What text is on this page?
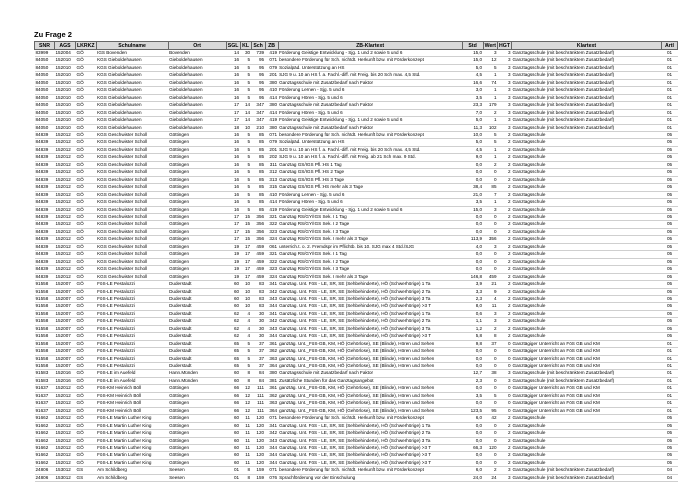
Zu Frage 2
SNR	AGS	LKRKZ	Schulname	Ort	SGL	KL	Sch	ZB	ZB-Klartext	Std	Wert	HGT	Klartext	Artl
83999	152004	GÖ	IGS Bovenden	Bovenden	14	30	739	419	Förderung Geistige Entwicklung - Sjg. 1 und 2 sowie 5 und 6	15,0	3	3	Ganztagsschule (mit beschränktem Zusatzbedarf)	01
84050	152010	GÖ	KGS Gieboldehausen	Gieboldehausen	16	5	95	071	besondere Förderung für Sch. nichtdt. Herkunft bzw. mit Förderkonzept	15,0	12	3	Ganztagsschule (mit beschränktem Zusatzbedarf)	01
84050	152010	GÖ	KGS Gieboldehausen	Gieboldehausen	16	5	95	079	Sozialpäd. Unterstützung an HS	5,0	5	3	Ganztagsschule (mit beschränktem Zusatzbedarf)	01
84050	152010	GÖ	KGS Gieboldehausen	Gieboldehausen	16	5	95	201	SJG 9 u. 10 an HS f. a. Fachl.-diff. mit Freig. bis 20 Sch max. 4,5 Std.	4,5	1	3	Ganztagsschule (mit beschränktem Zusatzbedarf)	01
84050	152010	GÖ	KGS Gieboldehausen	Gieboldehausen	16	5	95	380	Ganztagsschule mit Zusatzbedarf nach Faktor	16,6	74	3	Ganztagsschule (mit beschränktem Zusatzbedarf)	01
84050	152010	GÖ	KGS Gieboldehausen	Gieboldehausen	16	5	95	410	Förderung Lernen - Sjg. 5 und 6	3,0	1	3	Ganztagsschule (mit beschränktem Zusatzbedarf)	01
84050	152010	GÖ	KGS Gieboldehausen	Gieboldehausen	16	5	95	414	Förderung Hören - Sjg. 5 und 6	3,5	1	3	Ganztagsschule (mit beschränktem Zusatzbedarf)	01
84050	152010	GÖ	KGS Gieboldehausen	Gieboldehausen	17	14	347	380	Ganztagsschule mit Zusatzbedarf nach Faktor	23,3	179	3	Ganztagsschule (mit beschränktem Zusatzbedarf)	01
84050	152010	GÖ	KGS Gieboldehausen	Gieboldehausen	17	14	347	414	Förderung Hören - Sjg. 5 und 6	7,0	2	3	Ganztagsschule (mit beschränktem Zusatzbedarf)	01
84050	152010	GÖ	KGS Gieboldehausen	Gieboldehausen	17	14	347	419	Förderung Geistige Entwicklung - Sjg. 1 und 2 sowie 5 und 6	5,0	1	3	Ganztagsschule (mit beschränktem Zusatzbedarf)	01
84050	152010	GÖ	KGS Gieboldehausen	Gieboldehausen	18	10	210	380	Ganztagsschule mit Zusatzbedarf nach Faktor	11,3	102	3	Ganztagsschule (mit beschränktem Zusatzbedarf)	01
84839	152012	GÖ	KGS Geschwister Scholl	Göttingen	16	5	85	071	besondere Förderung für Sch. nichtdt. Herkunft bzw. mit Förderkonzept	10,0	5	2	Ganztagsschule	05
84839	152012	GÖ	KGS Geschwister Scholl	Göttingen	16	5	85	079	Sozialpäd. Unterstützung an HS	5,0	5	2	Ganztagsschule	05
84839	152012	GÖ	KGS Geschwister Scholl	Göttingen	16	5	85	201	SJG 9 u. 10 an HS f. a. Fachl.-diff. mit Freig. bis 20 Sch max. 4,5 Std.	4,5	1	2	Ganztagsschule	05
84839	152012	GÖ	KGS Geschwister Scholl	Göttingen	16	5	85	202	SJG 9 u. 10 an HS f. a. Fachl.-diff. mit Freig. ab 21 Sch max. 9 Std.	9,0	1	2	Ganztagsschule	05
84839	152012	GÖ	KGS Geschwister Scholl	Göttingen	16	5	85	311	Ganztag GS/IGS Pfl.:HS 1 Tag	0,0	2	2	Ganztagsschule	05
84839	152012	GÖ	KGS Geschwister Scholl	Göttingen	16	5	85	312	Ganztag GS/IGS Pfl.:HS 2 Tage	0,0	0	2	Ganztagsschule	05
84839	152012	GÖ	KGS Geschwister Scholl	Göttingen	16	5	85	313	Ganztag GS/IGS Pfl.:HS 3 Tage	0,0	0	2	Ganztagsschule	05
84839	152012	GÖ	KGS Geschwister Scholl	Göttingen	16	5	85	315	Ganztag GS/IGS Pfl.:HS mehr als 3 Tage	38,4	85	2	Ganztagsschule	05
84839	152012	GÖ	KGS Geschwister Scholl	Göttingen	16	5	85	410	Förderung Lernen - Sjg. 5 und 6	21,0	7	2	Ganztagsschule	05
84839	152012	GÖ	KGS Geschwister Scholl	Göttingen	16	5	85	414	Förderung Hören - Sjg. 5 und 6	3,5	1	2	Ganztagsschule	05
84839	152012	GÖ	KGS Geschwister Scholl	Göttingen	16	5	85	419	Förderung Geistige Entwicklung - Sjg. 1 und 2 sowie 5 und 6	15,0	3	2	Ganztagsschule	05
84839	152012	GÖ	KGS Geschwister Scholl	Göttingen	17	15	356	321	Ganztag RS/GY/IGS Sek. I 1 Tag	0,0	0	2	Ganztagsschule	05
84839	152012	GÖ	KGS Geschwister Scholl	Göttingen	17	15	356	322	Ganztag RS/GY/IGS Sek. I 2 Tage	0,0	0	2	Ganztagsschule	05
84839	152012	GÖ	KGS Geschwister Scholl	Göttingen	17	15	356	323	Ganztag RS/GY/IGS Sek. I 3 Tage	0,0	0	2	Ganztagsschule	05
84839	152012	GÖ	KGS Geschwister Scholl	Göttingen	17	15	356	324	Ganztag RS/GY/IGS Sek. I mehr als 3 Tage	113,9	356	2	Ganztagsschule	05
84839	152012	GÖ	KGS Geschwister Scholl	Göttingen	19	17	459	061	unterrich.t. o. 2. Fremdspr im Pflichtb. bis 10. SJG max 4 Std./SJG	4,0	3	2	Ganztagsschule	05
84839	152012	GÖ	KGS Geschwister Scholl	Göttingen	19	17	459	321	Ganztag RS/GY/IGS Sek. I 1 Tag	0,0	0	2	Ganztagsschule	05
84839	152012	GÖ	KGS Geschwister Scholl	Göttingen	19	17	459	322	Ganztag RS/GY/IGS Sek. I 2 Tage	0,0	0	2	Ganztagsschule	05
84839	152012	GÖ	KGS Geschwister Scholl	Göttingen	19	17	459	323	Ganztag RS/GY/IGS Sek. I 3 Tage	0,0	0	2	Ganztagsschule	05
84839	152012	GÖ	KGS Geschwister Scholl	Göttingen	19	17	459	324	Ganztag RS/GY/IGS Sek. I mehr als 3 Tage	146,8	459	2	Ganztagsschule	05
91558	152007	GÖ	FöS-LE Pestalozzi	Duderstadt	60	10	83	341	Ganztag. Unt. FöS - LE, SR, SE (Sehbehinderte), HÖ (Schwerhörige) 1 Ta	3,9	21	2	Ganztagsschule	05
91558	152007	GÖ	FöS-LE Pestalozzi	Duderstadt	60	10	83	342	Ganztag. Unt. FöS - LE, SR, SE (Sehbehinderte), HÖ (Schwerhörige) 2 Ta	3,3	9	2	Ganztagsschule	05
91558	152007	GÖ	FöS-LE Pestalozzi	Duderstadt	60	10	83	343	Ganztag. Unt. FöS - LE, SR, SE (Sehbehinderte), HÖ (Schwerhörige) 3 Ta	2,3	4	2	Ganztagsschule	05
91558	152007	GÖ	FöS-LE Pestalozzi	Duderstadt	60	10	83	344	Ganztag. Unt. FöS - LE, SR, SE (Sehbehinderte), HÖ (Schwerhörige) >3 T	8,0	11	2	Ganztagsschule	05
91558	152007	GÖ	FöS-LE Pestalozzi	Duderstadt	62	4	30	341	Ganztag. Unt. FöS - LE, SR, SE (Sehbehinderte), HÖ (Schwerhörige) 1 Ta	0,6	3	2	Ganztagsschule	05
91558	152007	GÖ	FöS-LE Pestalozzi	Duderstadt	62	4	30	342	Ganztag. Unt. FöS - LE, SR, SE (Sehbehinderte), HÖ (Schwerhörige) 2 Ta	1,1	3	2	Ganztagsschule	05
91558	152007	GÖ	FöS-LE Pestalozzi	Duderstadt	62	4	30	343	Ganztag. Unt. FöS - LE, SR, SE (Sehbehinderte), HÖ (Schwerhörige) 3 Ta	1,2	2	2	Ganztagsschule	05
91558	152007	GÖ	FöS-LE Pestalozzi	Duderstadt	62	4	30	344	Ganztag. Unt. FöS - LE, SR, SE (Sehbehinderte), HÖ (Schwerhörige) >3 T	5,8	8	2	Ganztagsschule	05
91558	152007	GÖ	FöS-LE Pestalozzi	Duderstadt	65	5	37	361	ganztäg. Unt._FöS-GB, KM, HÖ (Gehörlose), SE (Blinde), Hören und Sehen	9,8	37	0	Ganztägiger Unterricht an FöS GB und KM	01
91558	152007	GÖ	FöS-LE Pestalozzi	Duderstadt	65	5	37	362	ganztäg. Unt._FöS-GB, KM, HÖ (Gehörlose), SE (Blinde), Hören und Sehen	0,0	0	0	Ganztägiger Unterricht an FöS GB und KM	01
91558	152007	GÖ	FöS-LE Pestalozzi	Duderstadt	65	5	37	363	ganztäg. Unt._FöS-GB, KM, HÖ (Gehörlose), SE (Blinde), Hören und Sehen	0,0	0	0	Ganztägiger Unterricht an FöS GB und KM	01
91558	152007	GÖ	FöS-LE Pestalozzi	Duderstadt	65	5	37	364	ganztäg. Unt._FöS-GB, KM, HÖ (Gehörlose), SE (Blinde), Hören und Sehen	0,0	0	0	Ganztägiger Unterricht an FöS GB und KM	01
91583	152016	GÖ	FöS-LE im Auefeld	Hann.Münden	60	8	84	380	Ganztagsschule mit Zusatzbedarf nach Faktor	12,7	38	3	Ganztagsschule (mit beschränktem Zusatzbedarf)	01
91583	152016	GÖ	FöS-LE im Auefeld	Hann.Münden	60	8	84	381	Zusätzliche Stunden für das Ganztagsangebot	2,3	0	3	Ganztagsschule (mit beschränktem Zusatzbedarf)	01
91637	152012	GÖ	FöS-KM Heinrich Böll	Göttingen	66	12	111	361	ganztäg. Unt._FöS-GB, KM, HÖ (Gehörlose), SE (Blinde), Hören und Sehen	0,0	0	0	Ganztägiger Unterricht an FöS GB und KM	01
91637	152012	GÖ	FöS-KM Heinrich Böll	Göttingen	66	12	111	362	ganztäg. Unt._FöS-GB, KM, HÖ (Gehörlose), SE (Blinde), Hören und Sehen	3,5	5	0	Ganztägiger Unterricht an FöS GB und KM	01
91637	152012	GÖ	FöS-KM Heinrich Böll	Göttingen	66	12	111	363	ganztäg. Unt._FöS-GB, KM, HÖ (Gehörlose), SE (Blinde), Hören und Sehen	0,0	0	0	Ganztägiger Unterricht an FöS GB und KM	01
91637	152012	GÖ	FöS-KM Heinrich Böll	Göttingen	66	12	111	364	ganztäg. Unt._FöS-GB, KM, HÖ (Gehörlose), SE (Blinde), Hören und Sehen	123,5	95	0	Ganztägiger Unterricht an FöS GB und KM	01
91662	152012	GÖ	FöS-LE Martin Luther King	Göttingen	60	11	120	071	besondere Förderung für Sch. nichtdt. Herkunft bzw. mit Förderkonzept	6,0	42	2	Ganztagsschule	05
91662	152012	GÖ	FöS-LE Martin Luther King	Göttingen	60	11	120	341	Ganztag. Unt. FöS - LE, SR, SE (Sehbehinderte), HÖ (Schwerhörige) 1 Ta	0,0	0	2	Ganztagsschule	05
91662	152012	GÖ	FöS-LE Martin Luther King	Göttingen	60	11	120	342	Ganztag. Unt. FöS - LE, SR, SE (Sehbehinderte), HÖ (Schwerhörige) 2 Ta	0,0	0	2	Ganztagsschule	05
91662	152012	GÖ	FöS-LE Martin Luther King	Göttingen	60	11	120	343	Ganztag. Unt. FöS - LE, SR, SE (Sehbehinderte), HÖ (Schwerhörige) 3 Ta	0,0	0	2	Ganztagsschule	05
91662	152012	GÖ	FöS-LE Martin Luther King	Göttingen	60	11	120	344	Ganztag. Unt. FöS - LE, SR, SE (Sehbehinderte), HÖ (Schwerhörige) >3 T	66,3	120	2	Ganztagsschule	05
91662	152012	GÖ	FöS-LE Martin Luther King	Göttingen	60	11	120	344	Ganztag. Unt. FöS - LE, SR, SE (Sehbehinderte), HÖ (Schwerhörige) >3 T	0,0	0	2	Ganztagsschule	05
91662	152012	GÖ	FöS-LE Martin Luther King	Göttingen	60	11	120	344	Ganztag. Unt. FöS - LE, SR, SE (Sehbehinderte), HÖ (Schwerhörige) >3 T	0,0	0	2	Ganztagsschule	05
24806	153012	GS	Am Schildberg	Seesen	01	8	159	071	besondere Förderung für Sch. nichtdt. Herkunft bzw. mit Förderkonzept	6,0	2	3	Ganztagsschule (mit beschränktem Zusatzbedarf)	04
24806	153012	GS	Am Schildberg	Seesen	01	8	159	076	Sprachförderung vor der Einschulung	24,0	24	3	Ganztagsschule (mit beschränktem Zusatzbedarf)	04
